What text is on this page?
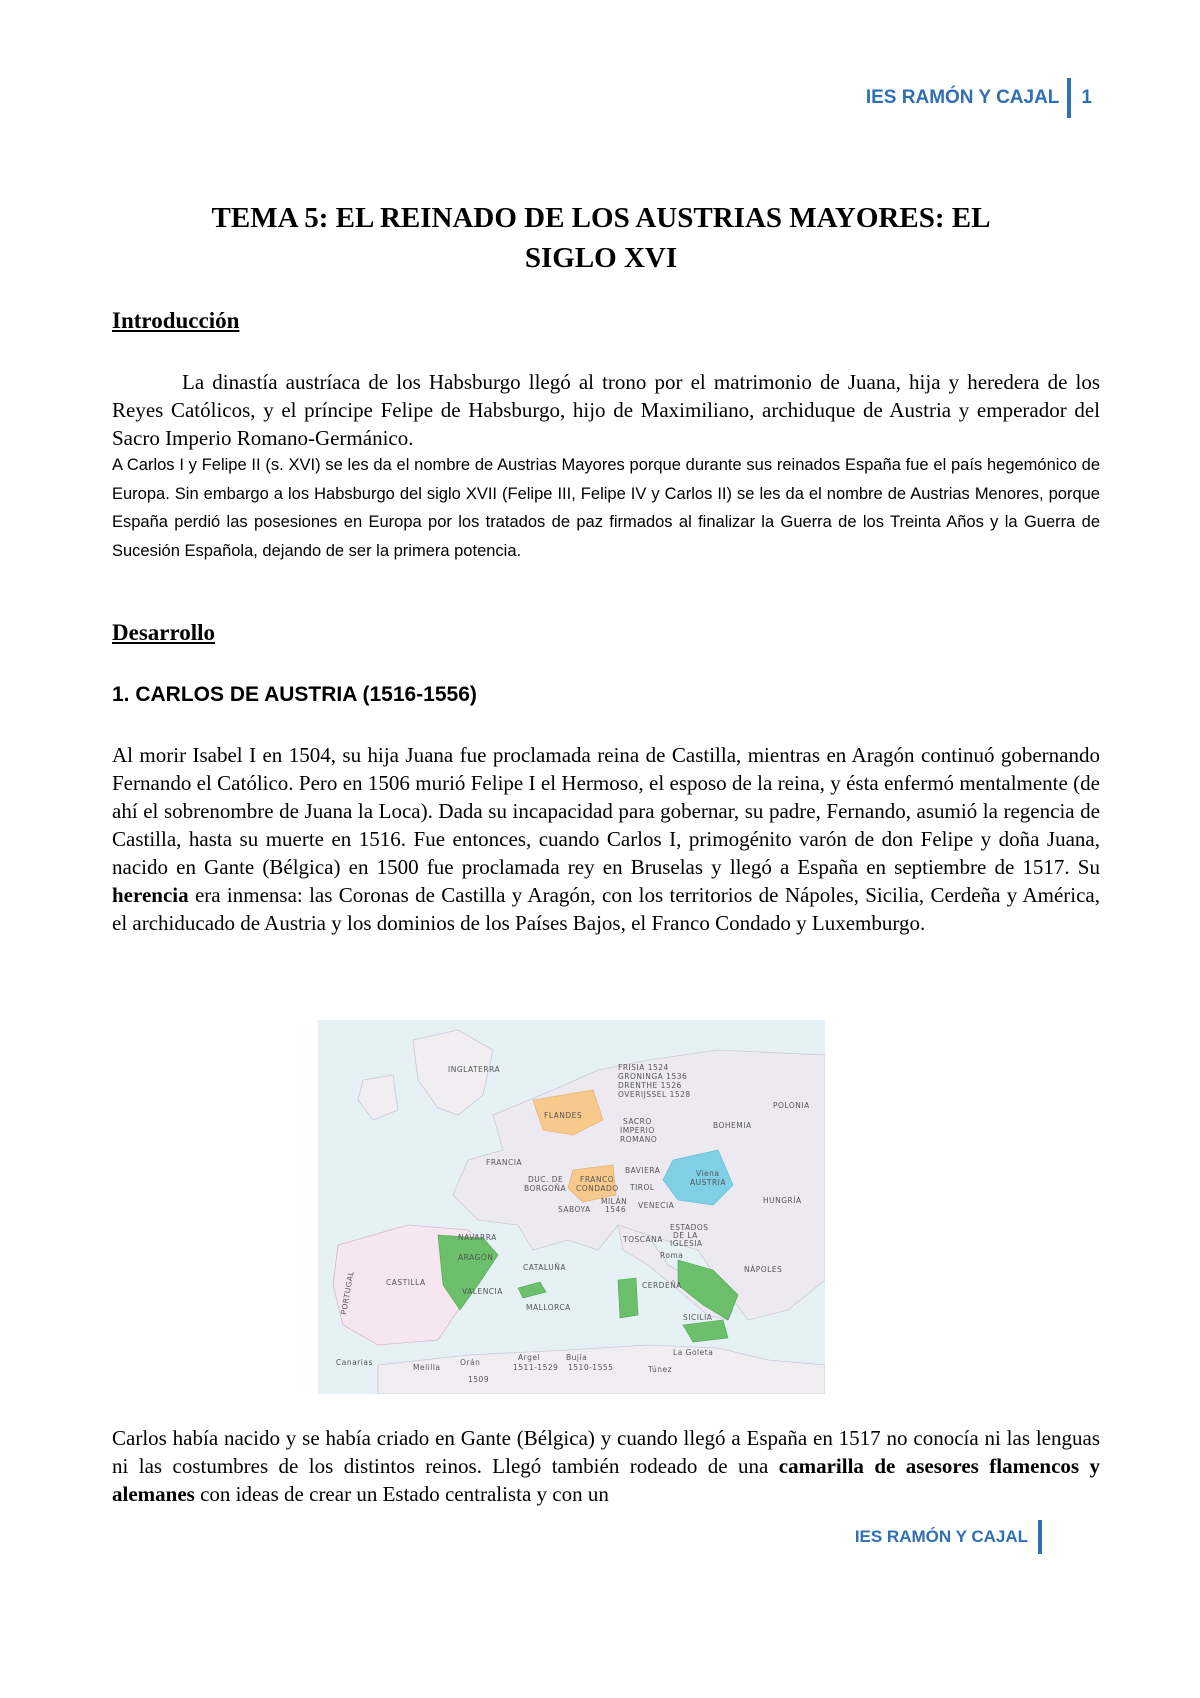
IES RAMÓN Y CAJAL 1
TEMA 5: EL REINADO DE LOS AUSTRIAS MAYORES: EL
SIGLO XVI
Introducción
La dinastía austríaca de los Habsburgo llegó al trono por el matrimonio de Juana, hija y heredera de los Reyes Católicos, y el príncipe Felipe de Habsburgo, hijo de Maximiliano, archiduque de Austria y emperador del Sacro Imperio Romano-Germánico.
A Carlos I y Felipe II (s. XVI) se les da el nombre de Austrias Mayores porque durante sus reinados España fue el país hegemónico de Europa. Sin embargo a los Habsburgo del siglo XVII (Felipe III, Felipe IV y Carlos II) se les da el nombre de Austrias Menores, porque España perdió las posesiones en Europa por los tratados de paz firmados al finalizar la Guerra de los Treinta Años y la Guerra de Sucesión Española, dejando de ser la primera potencia.
Desarrollo
1. CARLOS DE AUSTRIA (1516-1556)
Al morir Isabel I en 1504, su hija Juana fue proclamada reina de Castilla, mientras en Aragón continuó gobernando Fernando el Católico. Pero en 1506 murió Felipe I el Hermoso, el esposo de la reina, y ésta enfermó mentalmente (de ahí el sobrenombre de Juana la Loca). Dada su incapacidad para gobernar, su padre, Fernando, asumió la regencia de Castilla, hasta su muerte en 1516. Fue entonces, cuando Carlos I, primogénito varón de don Felipe y doña Juana, nacido en Gante (Bélgica) en 1500 fue proclamada rey en Bruselas y llegó a España en septiembre de 1517. Su herencia era inmensa: las Coronas de Castilla y Aragón, con los territorios de Nápoles, Sicilia, Cerdeña y América, el archiducado de Austria y los dominios de los Países Bajos, el Franco Condado y Luxemburgo.
INGLATERRA	FRISIA 1524
GRONINGA 1536
DRENTHE 1526
OVERIJSSEL 1528
POLONIA
FLANDES
SACRO
IMPERIO
ROMANO
BOHEMIA
FRANCIA
BAVIERA	Viena
AUSTRIA
TIROL
HUNGRÍA
DUC. DE
BORGOÑA
FRANCO
CONDADO
MILÁN
1546 VENECIA
SABOYA
NAVARRA
ARAGÓN
TOSCANA
ESTADOS
DE LA
IGLESIA
PORTUGAL	CASTILLA
CATALUÑA
Roma
NÁPOLES
VALENCIA
CERDEÑA
MALLORCA
SICILIA
La Goleta
Canarias
Melilla
Orán
1509
Argel
1511-1529
Bujía
1510-1555	Túnez
Carlos había nacido y se había criado en Gante (Bélgica) y cuando llegó a España en 1517 no conocía ni las lenguas ni las costumbres de los distintos reinos. Llegó también rodeado de una camarilla de asesores flamencos y alemanes con ideas de crear un Estado centralista y con un
IES RAMÓN Y CAJAL
